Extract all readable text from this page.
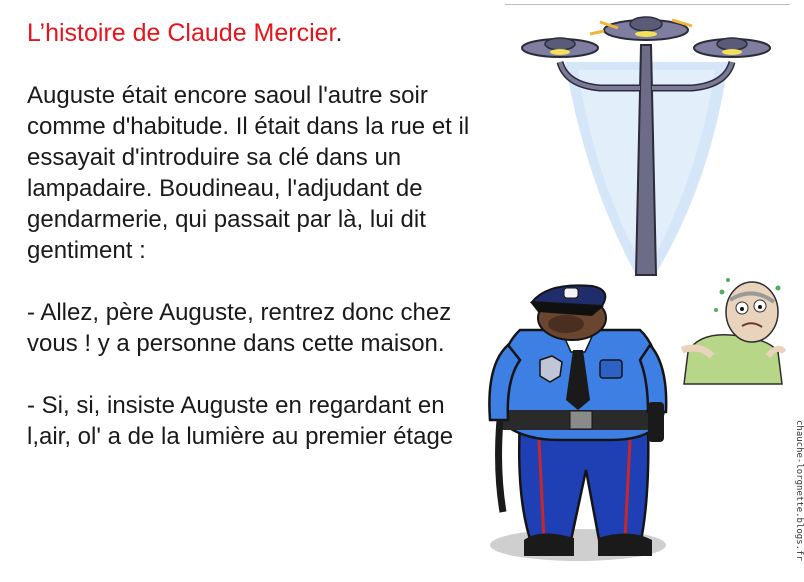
L’histoire de Claude Mercier.

Auguste était encore saoul l'autre soir comme d'habitude. Il était dans la rue et il essayait d'introduire sa clé dans un lampadaire. Boudineau, l'adjudant de gendarmerie, qui passait par là, lui dit gentiment :

- Allez, père Auguste, rentrez donc chez vous ! y a personne dans cette maison.

- Si, si, insiste Auguste en regardant en l,air, ol' a de la lumière au premier étage	chauche-lorgnette.blogs.fr
